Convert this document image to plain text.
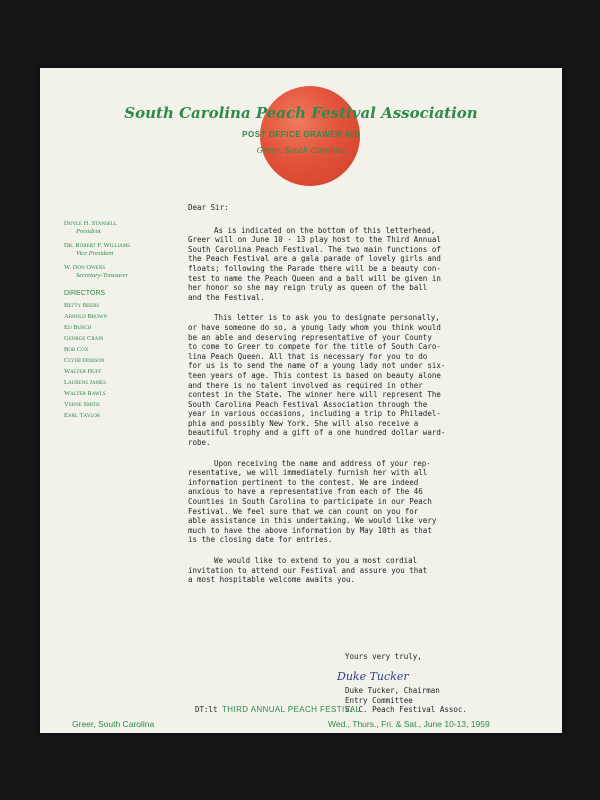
South Carolina Peach Festival Association
POST OFFICE DRAWER 600
Greer, South Carolina
Doyle H. Stansell
President
Dr. Robert F. Williams
Vice President
W. Don Owens
Secretary-Treasurer
DIRECTORS
Betty Beers
Arnold Brown
Ed Burch
George Crain
Bob Cox
Clyde Dobson
Walter Huff
Laurens James
Walter Rawls
Verne Smith
Earl Taylor
Dear Sir:

As is indicated on the bottom of this letterhead,
Greer will on June 10 - 13 play host to the Third Annual
South Carolina Peach Festival. The two main functions of
the Peach Festival are a gala parade of lovely girls and
floats; following the Parade there will be a beauty con-
test to name the Peach Queen and a ball will be given in
her honor so she may reign truly as queen of the ball
and the Festival.

This letter is to ask you to designate personally,
or have someone do so, a young lady whom you think would
be an able and deserving representative of your County
to come to Greer to compete for the title of South Caro-
lina Peach Queen. All that is necessary for you to do
for us is to send the name of a young lady not under six-
teen years of age. This contest is based on beauty alone
and there is no talent involved as required in other
contest in the State. The winner here will represent The
South Carolina Peach Festival Association through the
year in various occasions, including a trip to Philadel-
phia and possibly New York. She will also receive a
beautiful trophy and a gift of a one hundred dollar ward-
robe.

Upon receiving the name and address of your rep-
resentative, we will immediately furnish her with all
information pertinent to the contest. We are indeed
anxious to have a representative from each of the 46
Counties in South Carolina to participate in our Peach
Festival. We feel sure that we can count on you for
able assistance in this undertaking. We would like very
much to have the above information by May 10th as that
is the closing date for entries.

We would like to extend to you a most cordial
invitation to attend our Festival and assure you that
a most hospitable welcome awaits you.

Yours very truly,
Duke Tucker
Duke Tucker, Chairman
Entry Committee
S. C. Peach Festival Assoc.
DT:lt THIRD ANNUAL PEACH FESTIVAL
Greer, South Carolina	Wed., Thurs., Fri. & Sat., June 10-13, 1959
